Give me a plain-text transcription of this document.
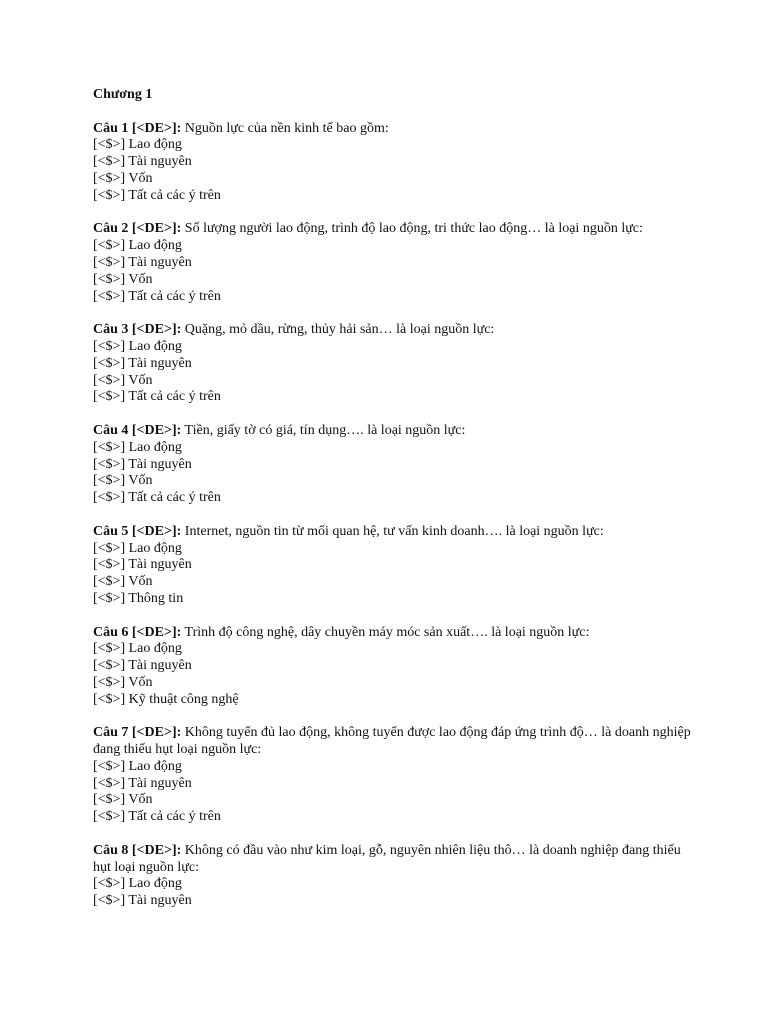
Chương 1

Câu 1 [<DE>]: Nguồn lực của nền kinh tế bao gồm:

[<$>] Lao động

[<$>] Tài nguyên

[<$>] Vốn

[<$>] Tất cả các ý trên

Câu 2 [<DE>]: Số lượng người lao động, trình độ lao động, tri thức lao động… là loại nguồn lực:

[<$>] Lao động

[<$>] Tài nguyên

[<$>] Vốn

[<$>] Tất cả các ý trên

Câu 3 [<DE>]: Quặng, mỏ dầu, rừng, thủy hải sản… là loại nguồn lực:

[<$>] Lao động

[<$>] Tài nguyên

[<$>] Vốn

[<$>] Tất cả các ý trên

Câu 4 [<DE>]: Tiền, giấy tờ có giá, tín dụng…. là loại nguồn lực:

[<$>] Lao động

[<$>] Tài nguyên

[<$>] Vốn

[<$>] Tất cả các ý trên

Câu 5 [<DE>]: Internet, nguồn tin từ mối quan hệ, tư vấn kinh doanh…. là loại nguồn lực:

[<$>] Lao động

[<$>] Tài nguyên

[<$>] Vốn

[<$>] Thông tin

Câu 6 [<DE>]: Trình độ công nghệ, dây chuyền máy móc sản xuất…. là loại nguồn lực:

[<$>] Lao động

[<$>] Tài nguyên

[<$>] Vốn

[<$>] Kỹ thuật công nghệ

Câu 7 [<DE>]: Không tuyển đủ lao động, không tuyển được lao động đáp ứng trình độ… là doanh nghiệp đang thiếu hụt loại nguồn lực:

[<$>] Lao động

[<$>] Tài nguyên

[<$>] Vốn

[<$>] Tất cả các ý trên

Câu 8 [<DE>]: Không có đầu vào như kim loại, gỗ, nguyên nhiên liệu thô… là doanh nghiệp đang thiếu hụt loại nguồn lực:

[<$>] Lao động

[<$>] Tài nguyên
